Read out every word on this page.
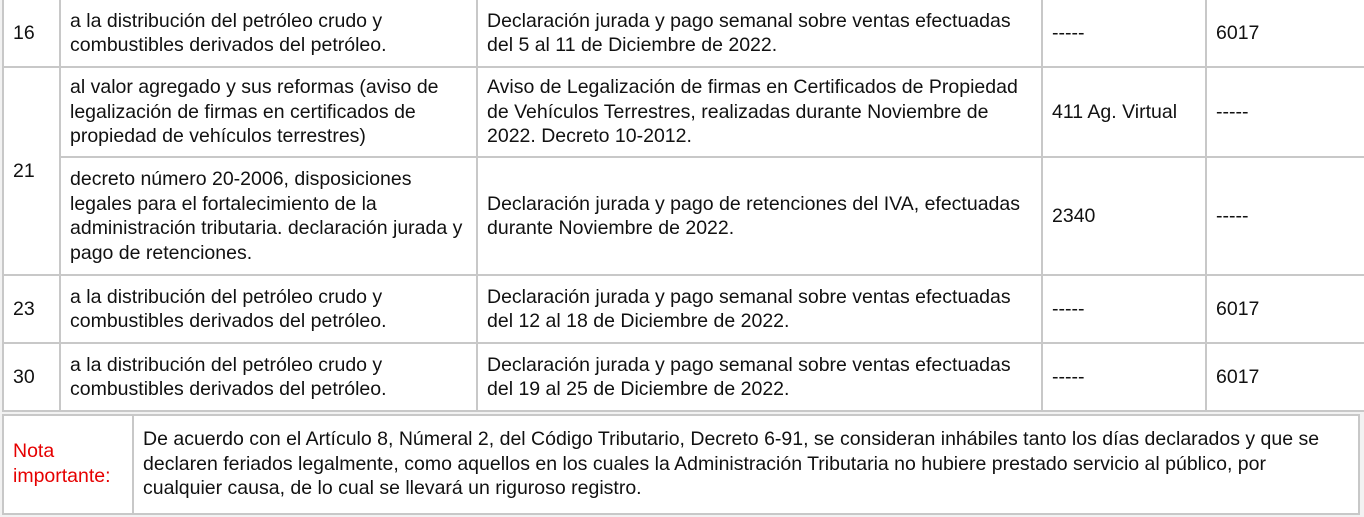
16	a la distribución del petróleo crudo y combustibles derivados del petróleo.	Declaración jurada y pago semanal sobre ventas efectuadas del 5 al 11 de Diciembre de 2022.	-----	6017
21	al valor agregado y sus reformas (aviso de legalización de firmas en certificados de propiedad de vehículos terrestres)	Aviso de Legalización de firmas en Certificados de Propiedad de Vehículos Terrestres, realizadas durante Noviembre de 2022. Decreto 10-2012.	411 Ag. Virtual	-----
	decreto número 20-2006, disposiciones legales para el fortalecimiento de la administración tributaria. declaración jurada y pago de retenciones.	Declaración jurada y pago de retenciones del IVA, efectuadas durante Noviembre de 2022.	2340	-----
23	a la distribución del petróleo crudo y combustibles derivados del petróleo.	Declaración jurada y pago semanal sobre ventas efectuadas del 12 al 18 de Diciembre de 2022.	-----	6017
30	a la distribución del petróleo crudo y combustibles derivados del petróleo.	Declaración jurada y pago semanal sobre ventas efectuadas del 19 al 25 de Diciembre de 2022.	-----	6017
Nota importante:	De acuerdo con el Artículo 8, Númeral 2, del Código Tributario, Decreto 6-91, se consideran inhábiles tanto los días declarados y que se declaren feriados legalmente, como aquellos en los cuales la Administración Tributaria no hubiere prestado servicio al público, por cualquier causa, de lo cual se llevará un riguroso registro.
